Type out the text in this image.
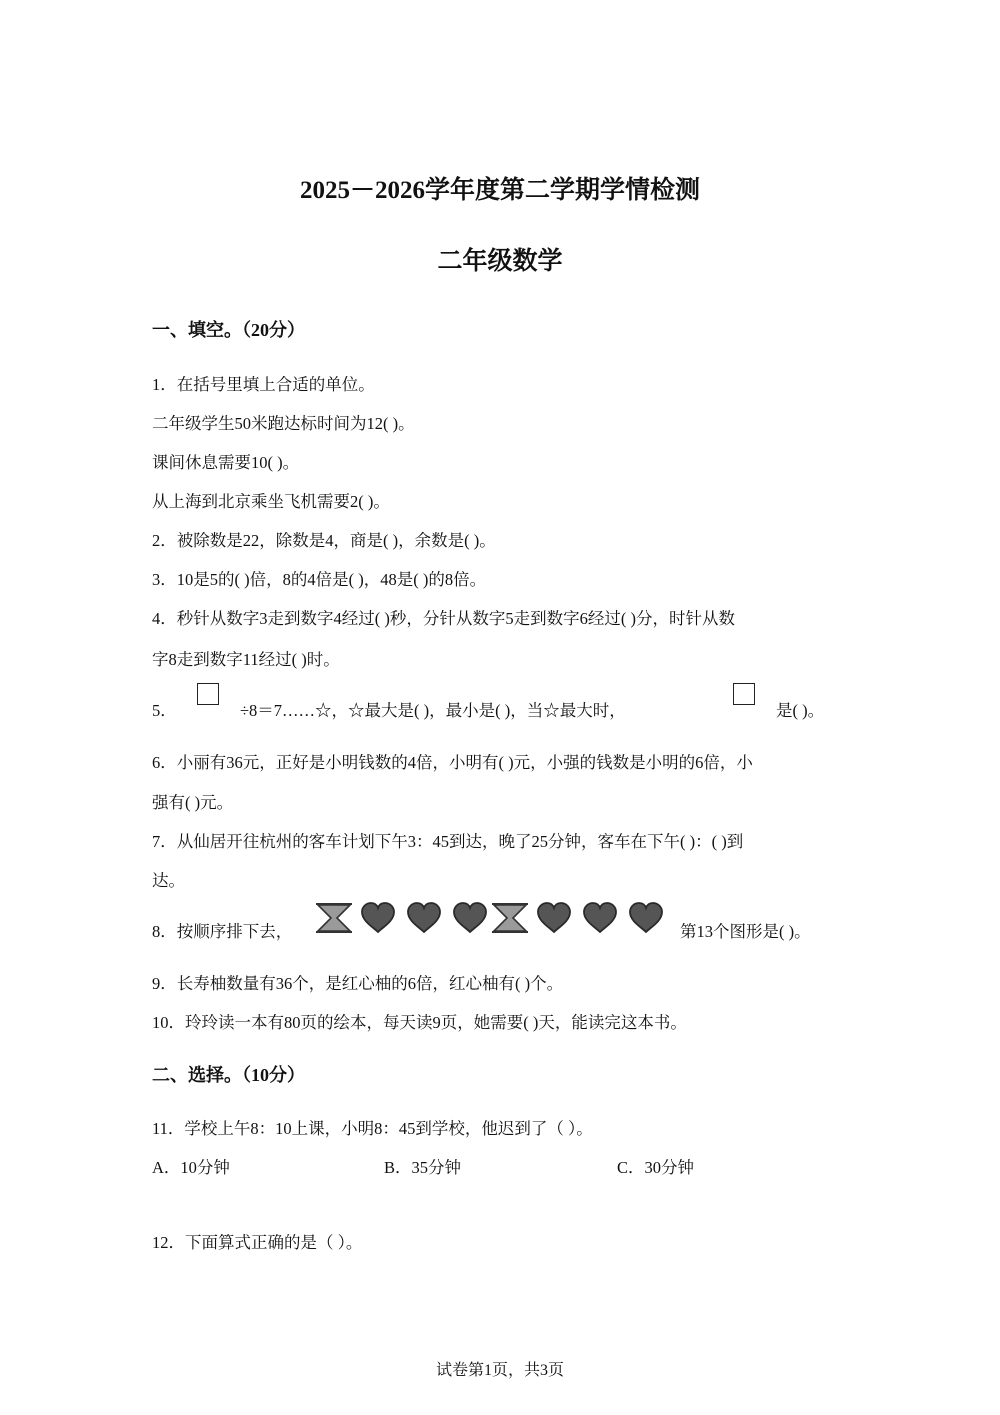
2025－2026学年度第二学期学情检测
二年级数学
一、填空。（20分）
1．在括号里填上合适的单位。
二年级学生50米跑达标时间为12( )。
课间休息需要10( )。
从上海到北京乘坐飞机需要2( )。
2．被除数是22，除数是4，商是( )，余数是( )。
3．10是5的( )倍，8的4倍是( )，48是( )的8倍。
4．秒针从数字3走到数字4经过( )秒，分针从数字5走到数字6经过( )分，时针从数
字8走到数字11经过( )时。
5．	÷8＝7……☆，☆最大是( )，最小是( )，当☆最大时，	是( )。
6．小丽有36元，正好是小明钱数的4倍，小明有( )元，小强的钱数是小明的6倍，小
强有( )元。
7．从仙居开往杭州的客车计划下午3：45到达，晚了25分钟，客车在下午( )：( )到
达。
8．按顺序排下去，	第13个图形是( )。
9．长寿柚数量有36个，是红心柚的6倍，红心柚有( )个。
10．玲玲读一本有80页的绘本，每天读9页，她需要( )天，能读完这本书。
二、选择。（10分）
11．学校上午8：10上课，小明8：45到学校，他迟到了（ ）。
A．10分钟	B．35分钟	C．30分钟
12．下面算式正确的是（ ）。
试卷第1页，共3页
